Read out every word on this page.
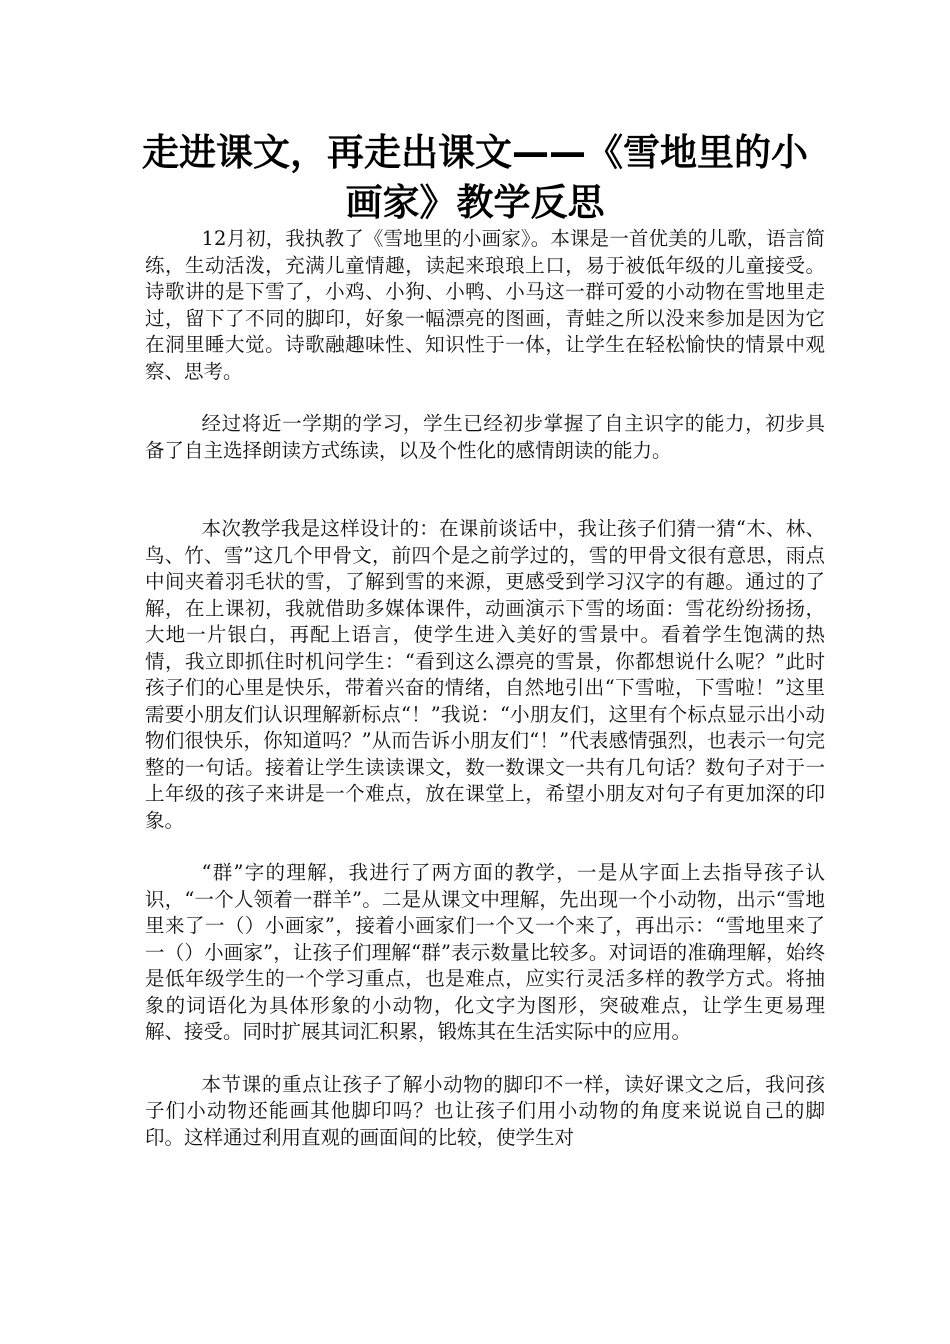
走进课文，再走出课文——《雪地里的小画家》教学反思

12月初，我执教了《雪地里的小画家》。本课是一首优美的儿歌，语言简练，生动活泼，充满儿童情趣，读起来琅琅上口，易于被低年级的儿童接受。诗歌讲的是下雪了，小鸡、小狗、小鸭、小马这一群可爱的小动物在雪地里走过，留下了不同的脚印，好象一幅漂亮的图画，青蛙之所以没来参加是因为它在洞里睡大觉。诗歌融趣味性、知识性于一体，让学生在轻松愉快的情景中观察、思考。

经过将近一学期的学习，学生已经初步掌握了自主识字的能力，初步具备了自主选择朗读方式练读，以及个性化的感情朗读的能力。

本次教学我是这样设计的：在课前谈话中，我让孩子们猜一猜“木、林、鸟、竹、雪”这几个甲骨文，前四个是之前学过的，雪的甲骨文很有意思，雨点中间夹着羽毛状的雪，了解到雪的来源，更感受到学习汉字的有趣。通过的了解，在上课初，我就借助多媒体课件，动画演示下雪的场面：雪花纷纷扬扬，大地一片银白，再配上语言，使学生进入美好的雪景中。看着学生饱满的热情，我立即抓住时机问学生：“看到这么漂亮的雪景，你都想说什么呢？”此时孩子们的心里是快乐，带着兴奋的情绪，自然地引出“下雪啦，下雪啦！”这里需要小朋友们认识理解新标点“！”我说：“小朋友们，这里有个标点显示出小动物们很快乐，你知道吗？”从而告诉小朋友们“！”代表感情强烈，也表示一句完整的一句话。接着让学生读读课文，数一数课文一共有几句话？数句子对于一上年级的孩子来讲是一个难点，放在课堂上，希望小朋友对句子有更加深的印象。

“群”字的理解，我进行了两方面的教学，一是从字面上去指导孩子认识，“一个人领着一群羊”。二是从课文中理解，先出现一个小动物，出示“雪地里来了一（）小画家”，接着小画家们一个又一个来了，再出示：“雪地里来了一（）小画家”，让孩子们理解“群”表示数量比较多。对词语的准确理解，始终是低年级学生的一个学习重点，也是难点，应实行灵活多样的教学方式。将抽象的词语化为具体形象的小动物，化文字为图形，突破难点，让学生更易理解、接受。同时扩展其词汇积累，锻炼其在生活实际中的应用。

本节课的重点让孩子了解小动物的脚印不一样，读好课文之后，我问孩子们小动物还能画其他脚印吗？也让孩子们用小动物的角度来说说自己的脚印。这样通过利用直观的画面间的比较，使学生对
